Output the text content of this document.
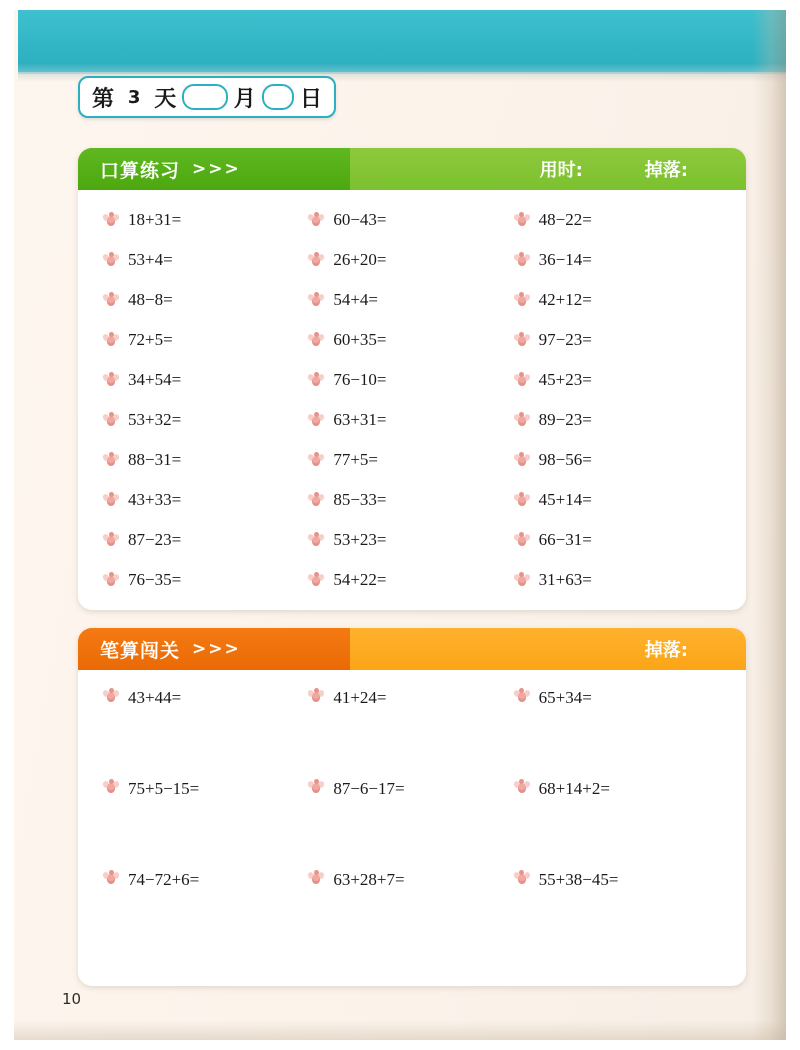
第 3 天	月 日
口算练习 >>>	用时:	掉落:
18+31=	60−43=	48−22=
53+4=	26+20=	36−14=
48−8=	54+4=	42+12=
72+5=	60+35=	97−23=
34+54=	76−10=	45+23=
53+32=	63+31=	89−23=
88−31=	77+5=	98−56=
43+33=	85−33=	45+14=
87−23=	53+23=	66−31=
76−35=	54+22=	31+63=
笔算闯关 >>>	掉落:
43+44=	41+24=	65+34=
75+5−15=	87−6−17=	68+14+2=
74−72+6=	63+28+7=	55+38−45=
10
